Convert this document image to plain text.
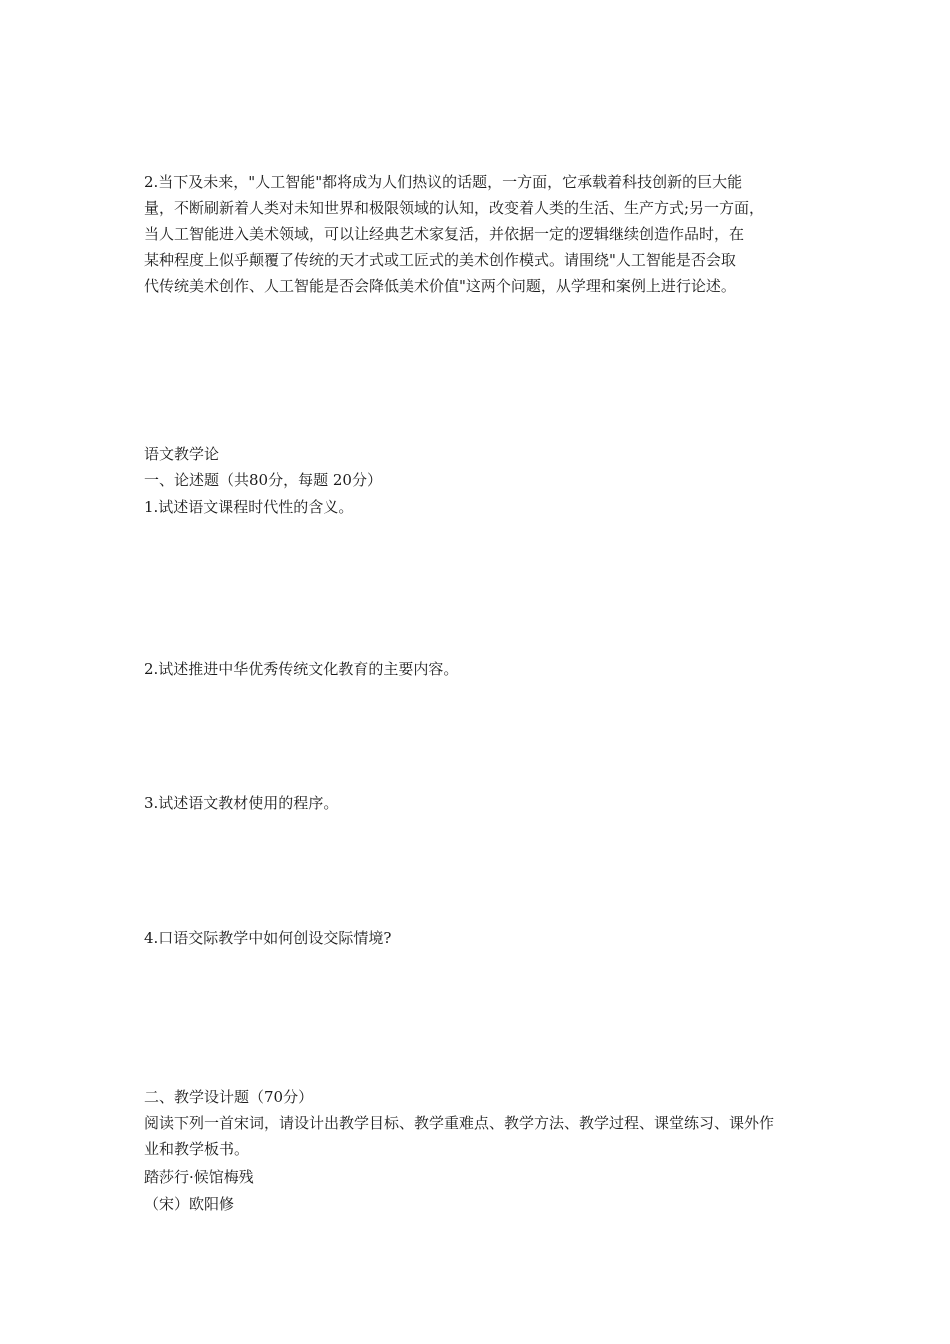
2.当下及未来，"人工智能"都将成为人们热议的话题，一方面，它承载着科技创新的巨大能
量，不断刷新着人类对未知世界和极限领域的认知，改变着人类的生活、生产方式;另一方面，
当人工智能进入美术领域，可以让经典艺术家复活，并依据一定的逻辑继续创造作品时，在
某种程度上似乎颠覆了传统的天才式或工匠式的美术创作模式。请围绕"人工智能是否会取
代传统美术创作、人工智能是否会降低美术价值"这两个问题，从学理和案例上进行论述。
语文教学论
一、论述题（共80分，每题 20分）
1.试述语文课程时代性的含义。
2.试述推进中华优秀传统文化教育的主要内容。
3.试述语文教材使用的程序。
4.口语交际教学中如何创设交际情境?
二、教学设计题（70分）
阅读下列一首宋词，请设计出教学目标、教学重难点、教学方法、教学过程、课堂练习、课外作
业和教学板书。
踏莎行·候馆梅残
（宋）欧阳修
